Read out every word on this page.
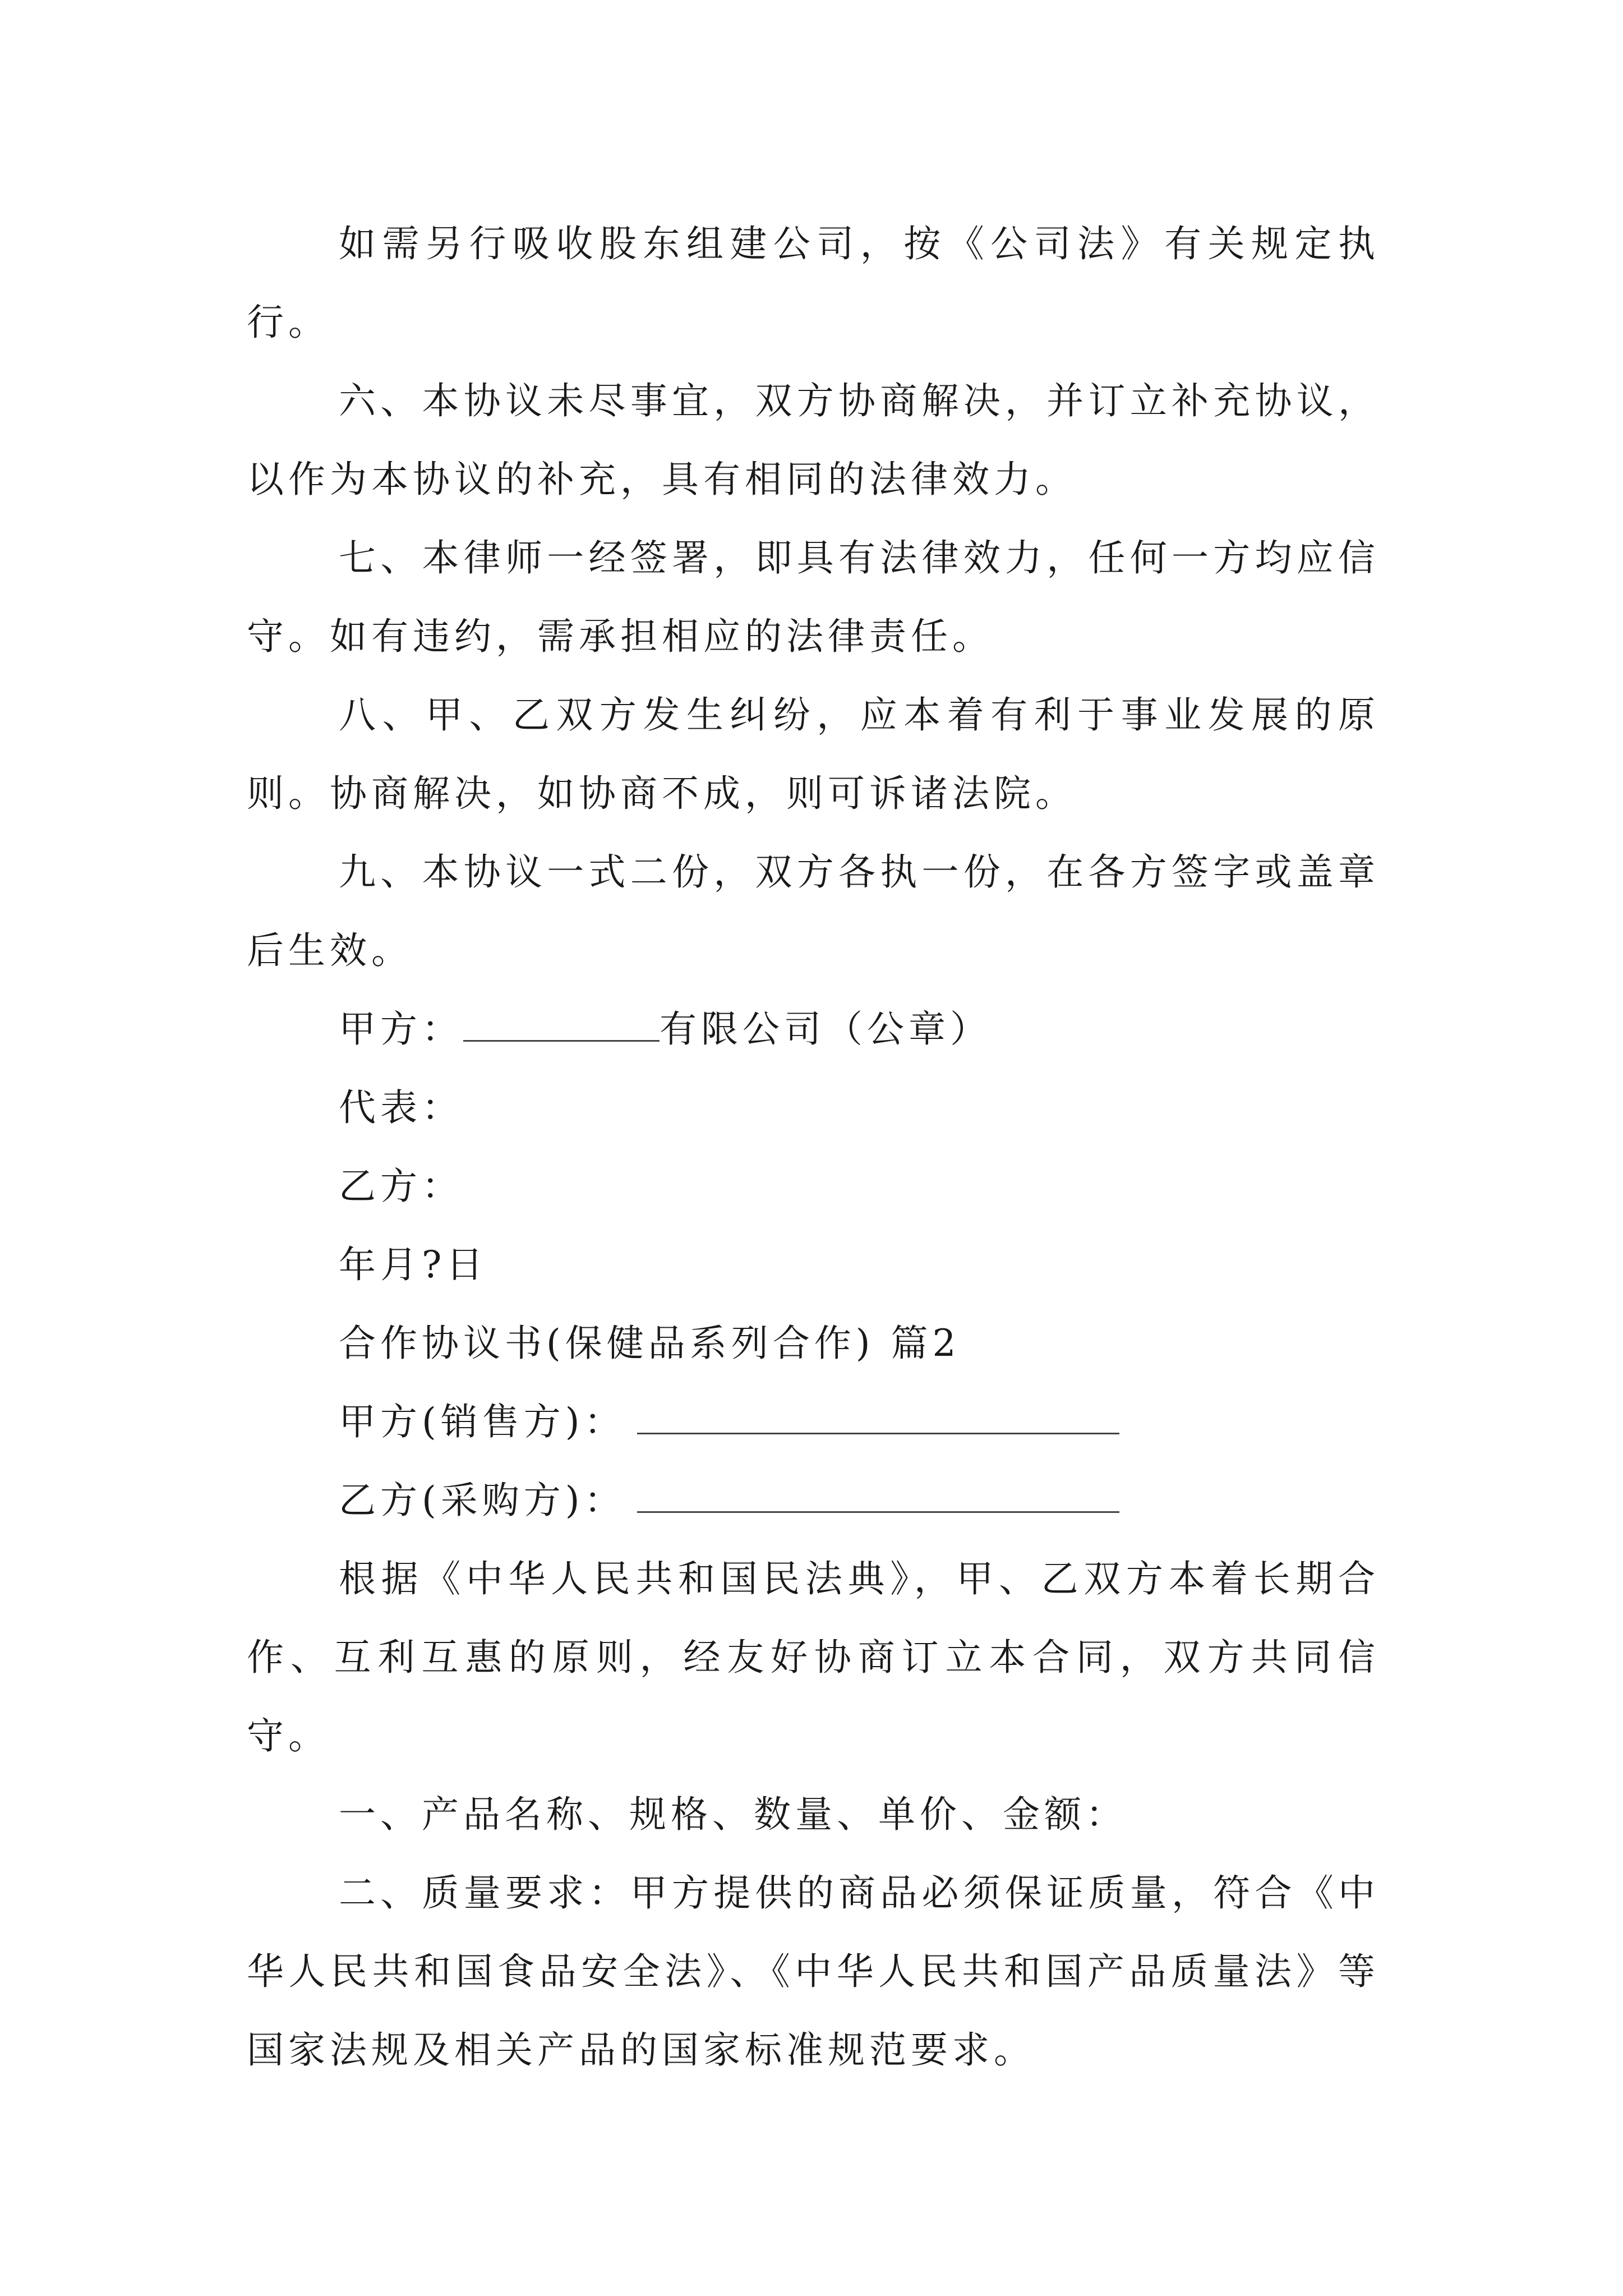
如需另行吸收股东组建公司，按《公司法》有关规定执行。

六、本协议未尽事宜，双方协商解决，并订立补充协议，以作为本协议的补充，具有相同的法律效力。

七、本律师一经签署，即具有法律效力，任何一方均应信守。如有违约，需承担相应的法律责任。

八、甲、乙双方发生纠纷，应本着有利于事业发展的原则。协商解决，如协商不成，则可诉诸法院。

九、本协议一式二份，双方各执一份，在各方签字或盖章后生效。

甲方：	有限公司（公章）

代表：

乙方：

年月?日

合作协议书(保健品系列合作) 篇2

甲方(销售方)：

乙方(采购方)：

根据《中华人民共和国民法典》，甲、乙双方本着长期合作、互利互惠的原则，经友好协商订立本合同，双方共同信守。

一、产品名称、规格、数量、单价、金额：

二、质量要求：甲方提供的商品必须保证质量，符合《中华人民共和国食品安全法》、《中华人民共和国产品质量法》等国家法规及相关产品的国家标准规范要求。
